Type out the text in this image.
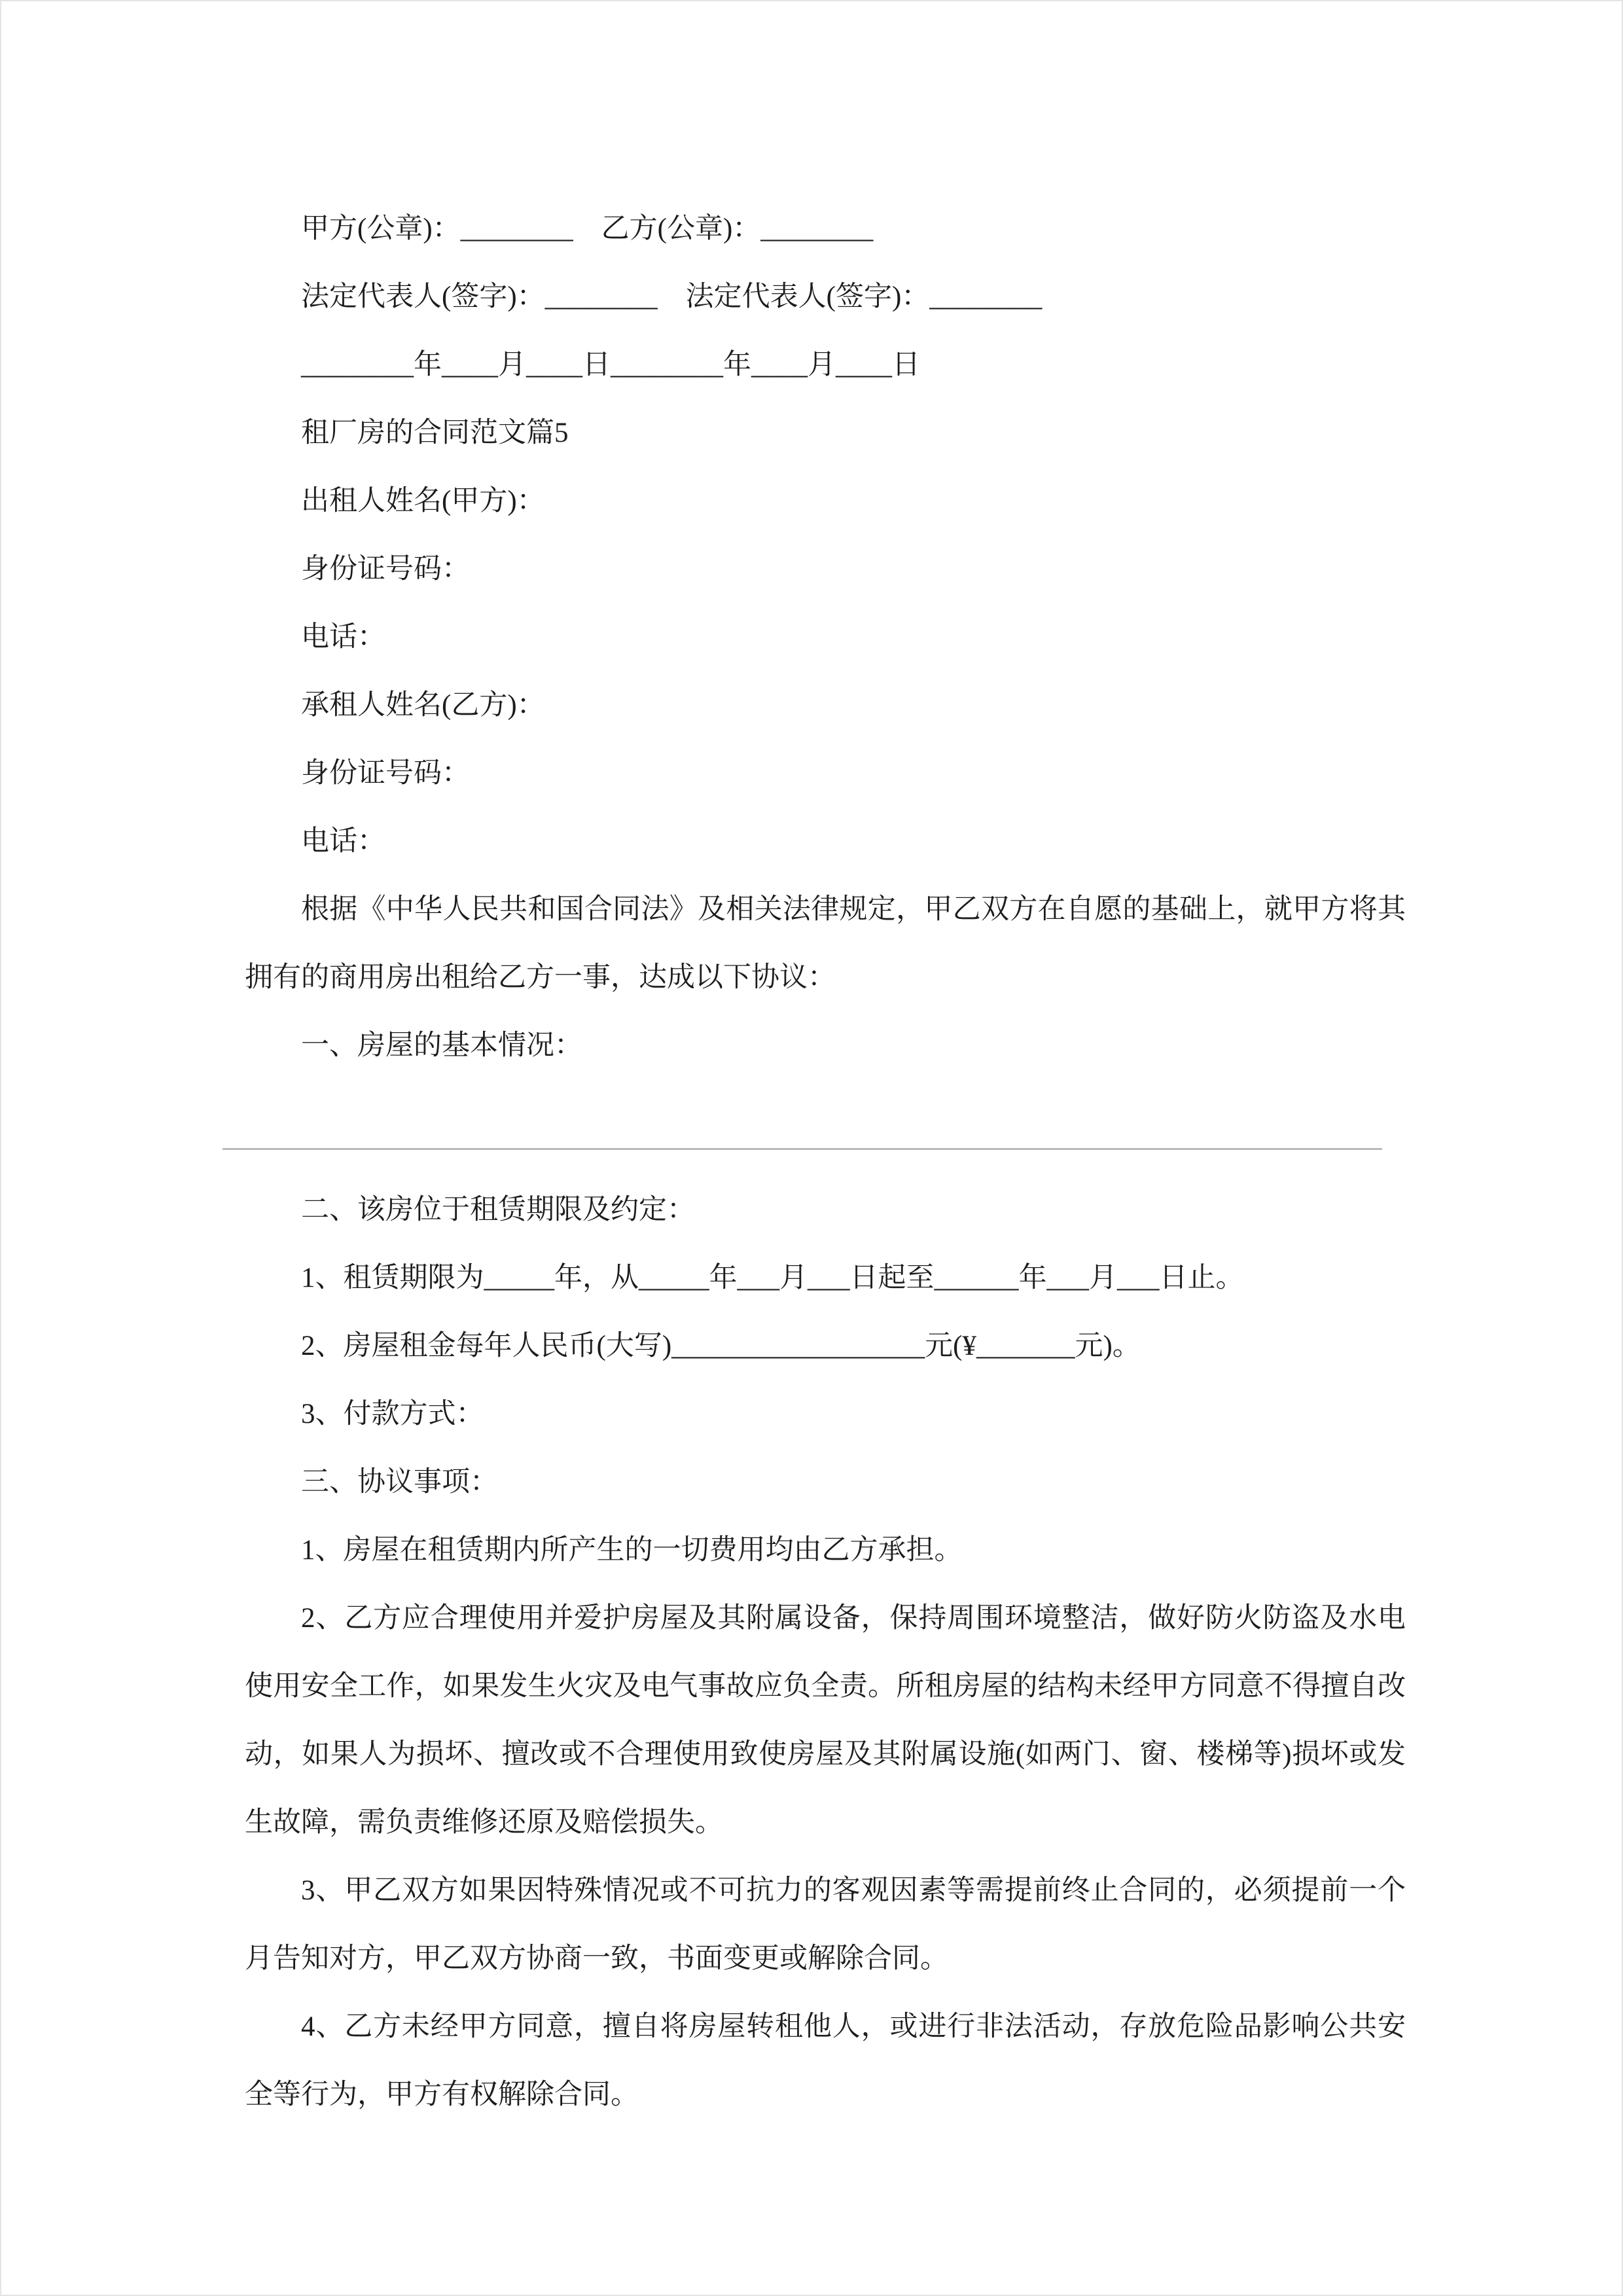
甲方(公章)：________　乙方(公章)：________

法定代表人(签字)：________　法定代表人(签字)：________

________年____月____日________年____月____日

租厂房的合同范文篇5

出租人姓名(甲方)：

身份证号码：

电话：

承租人姓名(乙方)：

身份证号码：

电话：

根据《中华人民共和国合同法》及相关法律规定，甲乙双方在自愿的基础上，就甲方将其拥有的商用房出租给乙方一事，达成以下协议：

一、房屋的基本情况：

二、该房位于租赁期限及约定：

1、租赁期限为_____年，从_____年___月___日起至______年___月___日止。

2、房屋租金每年人民币(大写)__________________元(¥_______元)。

3、付款方式：

三、协议事项：

1、房屋在租赁期内所产生的一切费用均由乙方承担。

2、乙方应合理使用并爱护房屋及其附属设备，保持周围环境整洁，做好防火防盗及水电使用安全工作，如果发生火灾及电气事故应负全责。所租房屋的结构未经甲方同意不得擅自改动，如果人为损坏、擅改或不合理使用致使房屋及其附属设施(如两门、窗、楼梯等)损坏或发生故障，需负责维修还原及赔偿损失。

3、甲乙双方如果因特殊情况或不可抗力的客观因素等需提前终止合同的，必须提前一个月告知对方，甲乙双方协商一致，书面变更或解除合同。

4、乙方未经甲方同意，擅自将房屋转租他人，或进行非法活动，存放危险品影响公共安全等行为，甲方有权解除合同。
